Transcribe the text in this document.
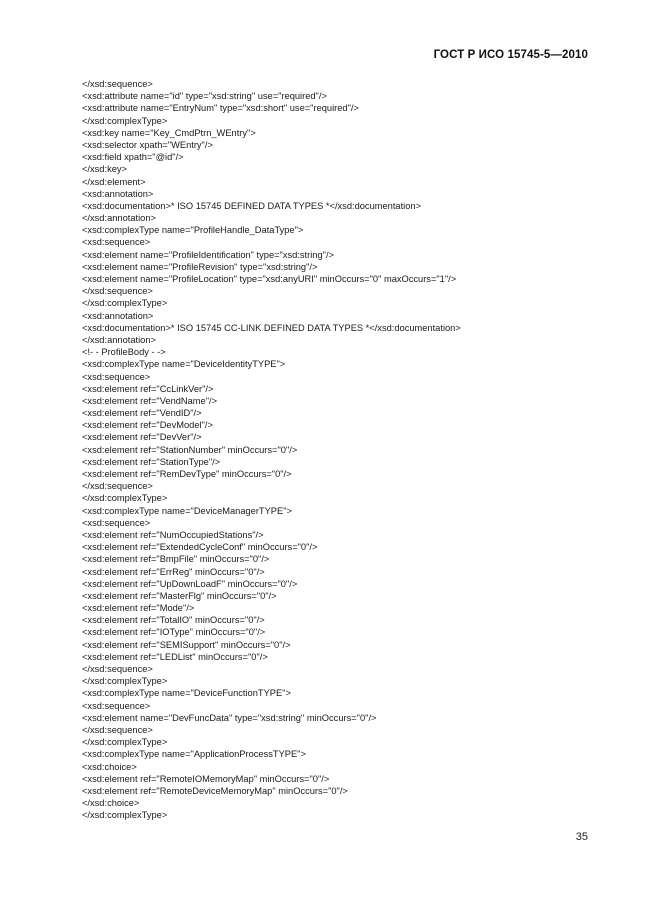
ГОСТ Р ИСО 15745-5—2010
</xsd:sequence>
<xsd:attribute name="id" type="xsd:string" use="required"/>
<xsd:attribute name="EntryNum" type="xsd:short" use="required"/>
</xsd:complexType>
<xsd:key name="Key_CmdPtrn_WEntry">
<xsd:selector xpath="WEntry"/>
<xsd:field xpath="@id"/>
</xsd:key>
</xsd:element>
<xsd:annotation>
<xsd:documentation>* ISO 15745 DEFINED DATA TYPES *</xsd:documentation>
</xsd:annotation>
<xsd:complexType name="ProfileHandle_DataType">
<xsd:sequence>
<xsd:element name="ProfileIdentification" type="xsd:string"/>
<xsd:element name="ProfileRevision" type="xsd:string"/>
<xsd:element name="ProfileLocation" type="xsd:anyURI" minOccurs="0" maxOccurs="1"/>
</xsd:sequence>
</xsd:complexType>
<xsd:annotation>
<xsd:documentation>* ISO 15745 CC-LINK DEFINED DATA TYPES *</xsd:documentation>
</xsd:annotation>
<!- - ProfileBody - ->
<xsd:complexType name="DeviceIdentityTYPE">
<xsd:sequence>
<xsd:element ref="CcLinkVer"/>
<xsd:element ref="VendName"/>
<xsd:element ref="VendID"/>
<xsd:element ref="DevModel"/>
<xsd:element ref="DevVer"/>
<xsd:element ref="StationNumber" minOccurs="0"/>
<xsd:element ref="StationType"/>
<xsd:element ref="RemDevType" minOccurs="0"/>
</xsd:sequence>
</xsd:complexType>
<xsd:complexType name="DeviceManagerTYPE">
<xsd:sequence>
<xsd:element ref="NumOccupiedStations"/>
<xsd:element ref="ExtendedCycleConf" minOccurs="0"/>
<xsd:element ref="BmpFile" minOccurs="0"/>
<xsd:element ref="ErrReg" minOccurs="0"/>
<xsd:element ref="UpDownLoadF" minOccurs="0"/>
<xsd:element ref="MasterFlg" minOccurs="0"/>
<xsd:element ref="Mode"/>
<xsd:element ref="TotalIO" minOccurs="0"/>
<xsd:element ref="IOType" minOccurs="0"/>
<xsd:element ref="SEMISupport" minOccurs="0"/>
<xsd:element ref="LEDList" minOccurs="0"/>
</xsd:sequence>
</xsd:complexType>
<xsd:complexType name="DeviceFunctionTYPE">
<xsd:sequence>
<xsd:element name="DevFuncData" type="xsd:string" minOccurs="0"/>
</xsd:sequence>
</xsd:complexType>
<xsd:complexType name="ApplicationProcessTYPE">
<xsd:choice>
<xsd:element ref="RemoteIOMemoryMap" minOccurs="0"/>
<xsd:element ref="RemoteDeviceMemoryMap" minOccurs="0"/>
</xsd:choice>
</xsd:complexType>
35
